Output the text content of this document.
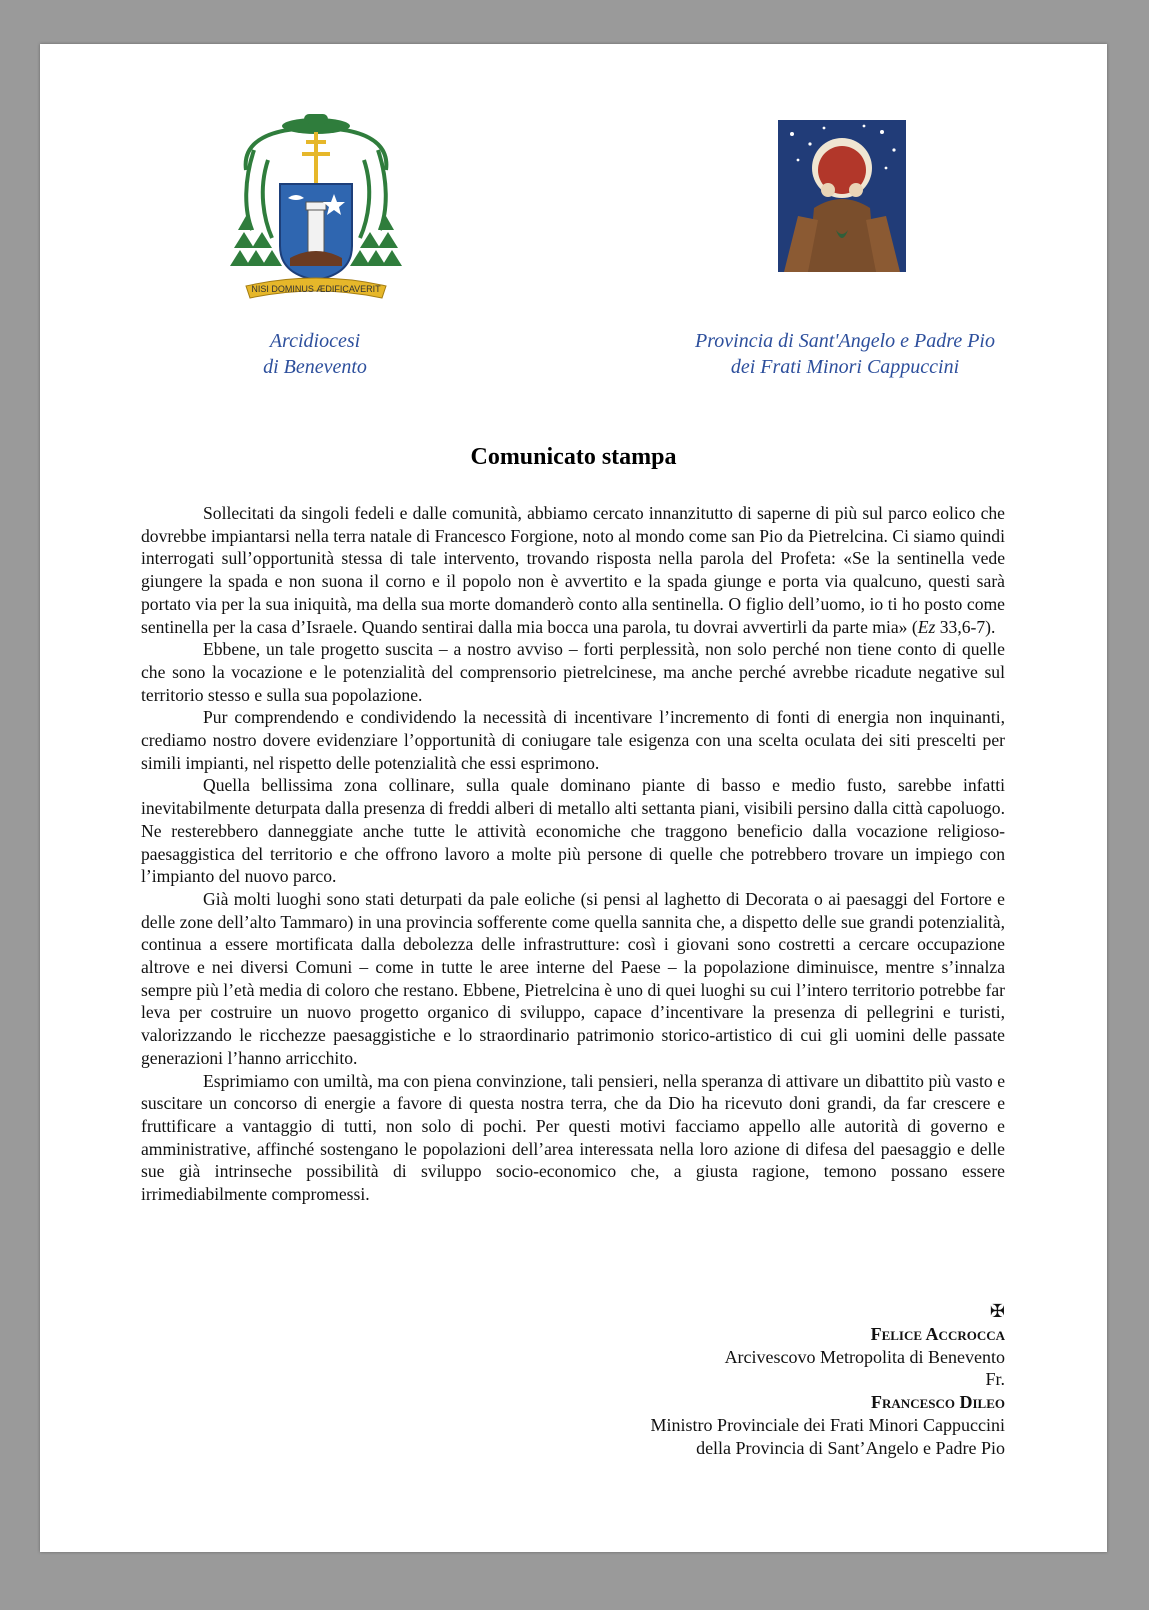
NISI DOMINUS ÆDIFICAVERIT
Arcidiocesi
di Benevento
Provincia di Sant'Angelo e Padre Pio
dei Frati Minori Cappuccini
Comunicato stampa

Sollecitati da singoli fedeli e dalle comunità, abbiamo cercato innanzitutto di saperne di più sul parco eolico che dovrebbe impiantarsi nella terra natale di Francesco Forgione, noto al mondo come san Pio da Pietrelcina. Ci siamo quindi interrogati sull’opportunità stessa di tale intervento, trovando risposta nella parola del Profeta: «Se la sentinella vede giungere la spada e non suona il corno e il popolo non è avvertito e la spada giunge e porta via qualcuno, questi sarà portato via per la sua iniquità, ma della sua morte domanderò conto alla sentinella. O figlio dell’uomo, io ti ho posto come sentinella per la casa d’Israele. Quando sentirai dalla mia bocca una parola, tu dovrai avvertirli da parte mia» (Ez 33,6-7).

Ebbene, un tale progetto suscita – a nostro avviso – forti perplessità, non solo perché non tiene conto di quelle che sono la vocazione e le potenzialità del comprensorio pietrelcinese, ma anche perché avrebbe ricadute negative sul territorio stesso e sulla sua popolazione.

Pur comprendendo e condividendo la necessità di incentivare l’incremento di fonti di energia non inquinanti, crediamo nostro dovere evidenziare l’opportunità di coniugare tale esigenza con una scelta oculata dei siti prescelti per simili impianti, nel rispetto delle potenzialità che essi esprimono.

Quella bellissima zona collinare, sulla quale dominano piante di basso e medio fusto, sarebbe infatti inevitabilmente deturpata dalla presenza di freddi alberi di metallo alti settanta piani, visibili persino dalla città capoluogo. Ne resterebbero danneggiate anche tutte le attività economiche che traggono beneficio dalla vocazione religioso-paesaggistica del territorio e che offrono lavoro a molte più persone di quelle che potrebbero trovare un impiego con l’impianto del nuovo parco.

Già molti luoghi sono stati deturpati da pale eoliche (si pensi al laghetto di Decorata o ai paesaggi del Fortore e delle zone dell’alto Tammaro) in una provincia sofferente come quella sannita che, a dispetto delle sue grandi potenzialità, continua a essere mortificata dalla debolezza delle infrastrutture: così i giovani sono costretti a cercare occupazione altrove e nei diversi Comuni – come in tutte le aree interne del Paese – la popolazione diminuisce, mentre s’innalza sempre più l’età media di coloro che restano. Ebbene, Pietrelcina è uno di quei luoghi su cui l’intero territorio potrebbe far leva per costruire un nuovo progetto organico di sviluppo, capace d’incentivare la presenza di pellegrini e turisti, valorizzando le ricchezze paesaggistiche e lo straordinario patrimonio storico-artistico di cui gli uomini delle passate generazioni l’hanno arricchito.

Esprimiamo con umiltà, ma con piena convinzione, tali pensieri, nella speranza di attivare un dibattito più vasto e suscitare un concorso di energie a favore di questa nostra terra, che da Dio ha ricevuto doni grandi, da far crescere e fruttificare a vantaggio di tutti, non solo di pochi. Per questi motivi facciamo appello alle autorità di governo e amministrative, affinché sostengano le popolazioni dell’area interessata nella loro azione di difesa del paesaggio e delle sue già intrinseche possibilità di sviluppo socio-economico che, a giusta ragione, temono possano essere irrimediabilmente compromessi.

✠
Felice Accrocca
Arcivescovo Metropolita di Benevento
Fr.
Francesco Dileo
Ministro Provinciale dei Frati Minori Cappuccini
della Provincia di Sant’Angelo e Padre Pio
